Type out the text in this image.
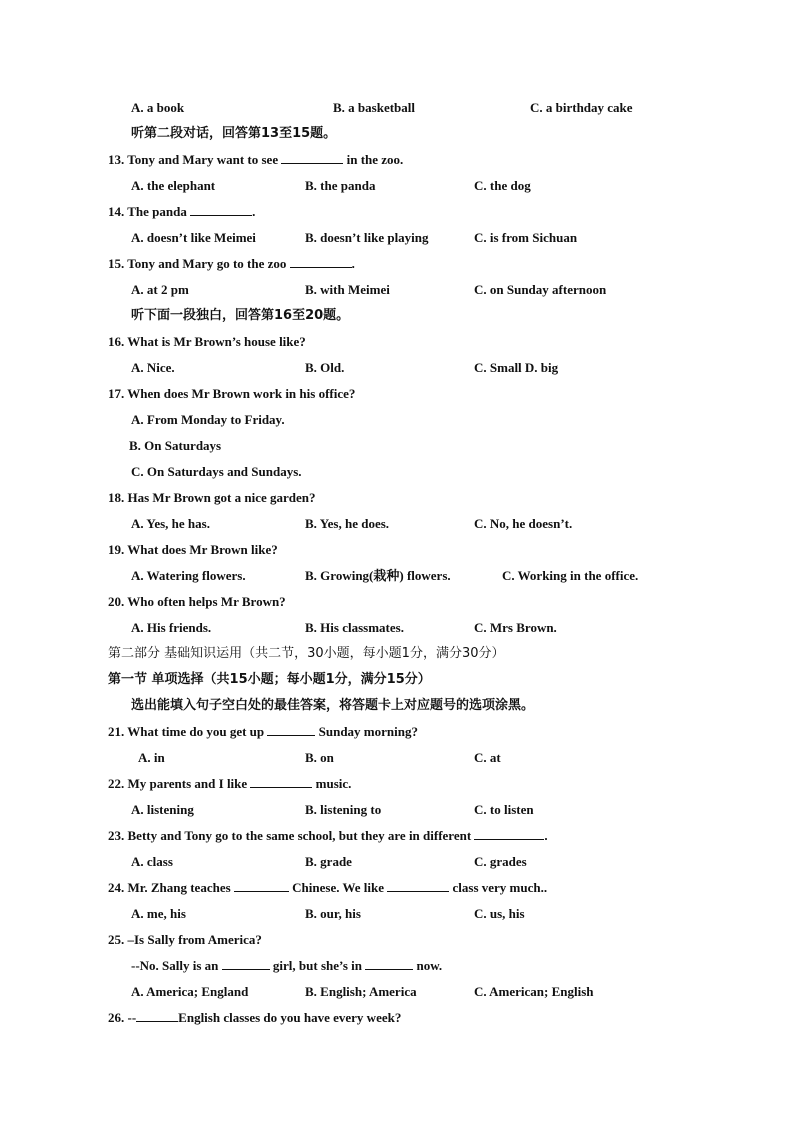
A. a book	B. a basketball	C. a birthday cake
听第二段对话，回答第13至15题。
13. Tony and Mary want to see	in the zoo.
A. the elephant	B. the panda	C. the dog
14. The panda	.
A. doesn’t like Meimei	B. doesn’t like playing	C. is from Sichuan
15. Tony and Mary go to the zoo	.
A. at 2 pm	B. with Meimei	C. on Sunday afternoon
听下面一段独白，回答第16至20题。
16. What is Mr Brown’s house like?
A. Nice.	B. Old.	C. Small D. big
17. When does Mr Brown work in his office?
A. From Monday to Friday.
B. On Saturdays
C. On Saturdays and Sundays.
18. Has Mr Brown got a nice garden?
A. Yes, he has.	B. Yes, he does.	C. No, he doesn’t.
19. What does Mr Brown like?
A. Watering flowers.	B. Growing(栽种) flowers.	C. Working in the office.
20. Who often helps Mr Brown?
A. His friends.	B. His classmates.	C. Mrs Brown.
第二部分 基础知识运用（共二节，30小题，每小题1分，满分30分）
第一节 单项选择（共15小题；每小题1分，满分15分）
选出能填入句子空白处的最佳答案，将答题卡上对应题号的选项涂黑。
21. What time do you get up	Sunday morning?
A. in	B. on	C. at
22. My parents and I like	music.
A. listening	B. listening to	C. to listen
23. Betty and Tony go to the same school, but they are in different	.
A. class	B. grade	C. grades
24. Mr. Zhang teaches	Chinese. We like	class very much..
A. me, his	B. our, his	C. us, his
25. –Is Sally from America?
--No. Sally is an	girl, but she’s in	now.
A. America; England	B. English; America	C. American; English
26. --	English classes do you have every week?
